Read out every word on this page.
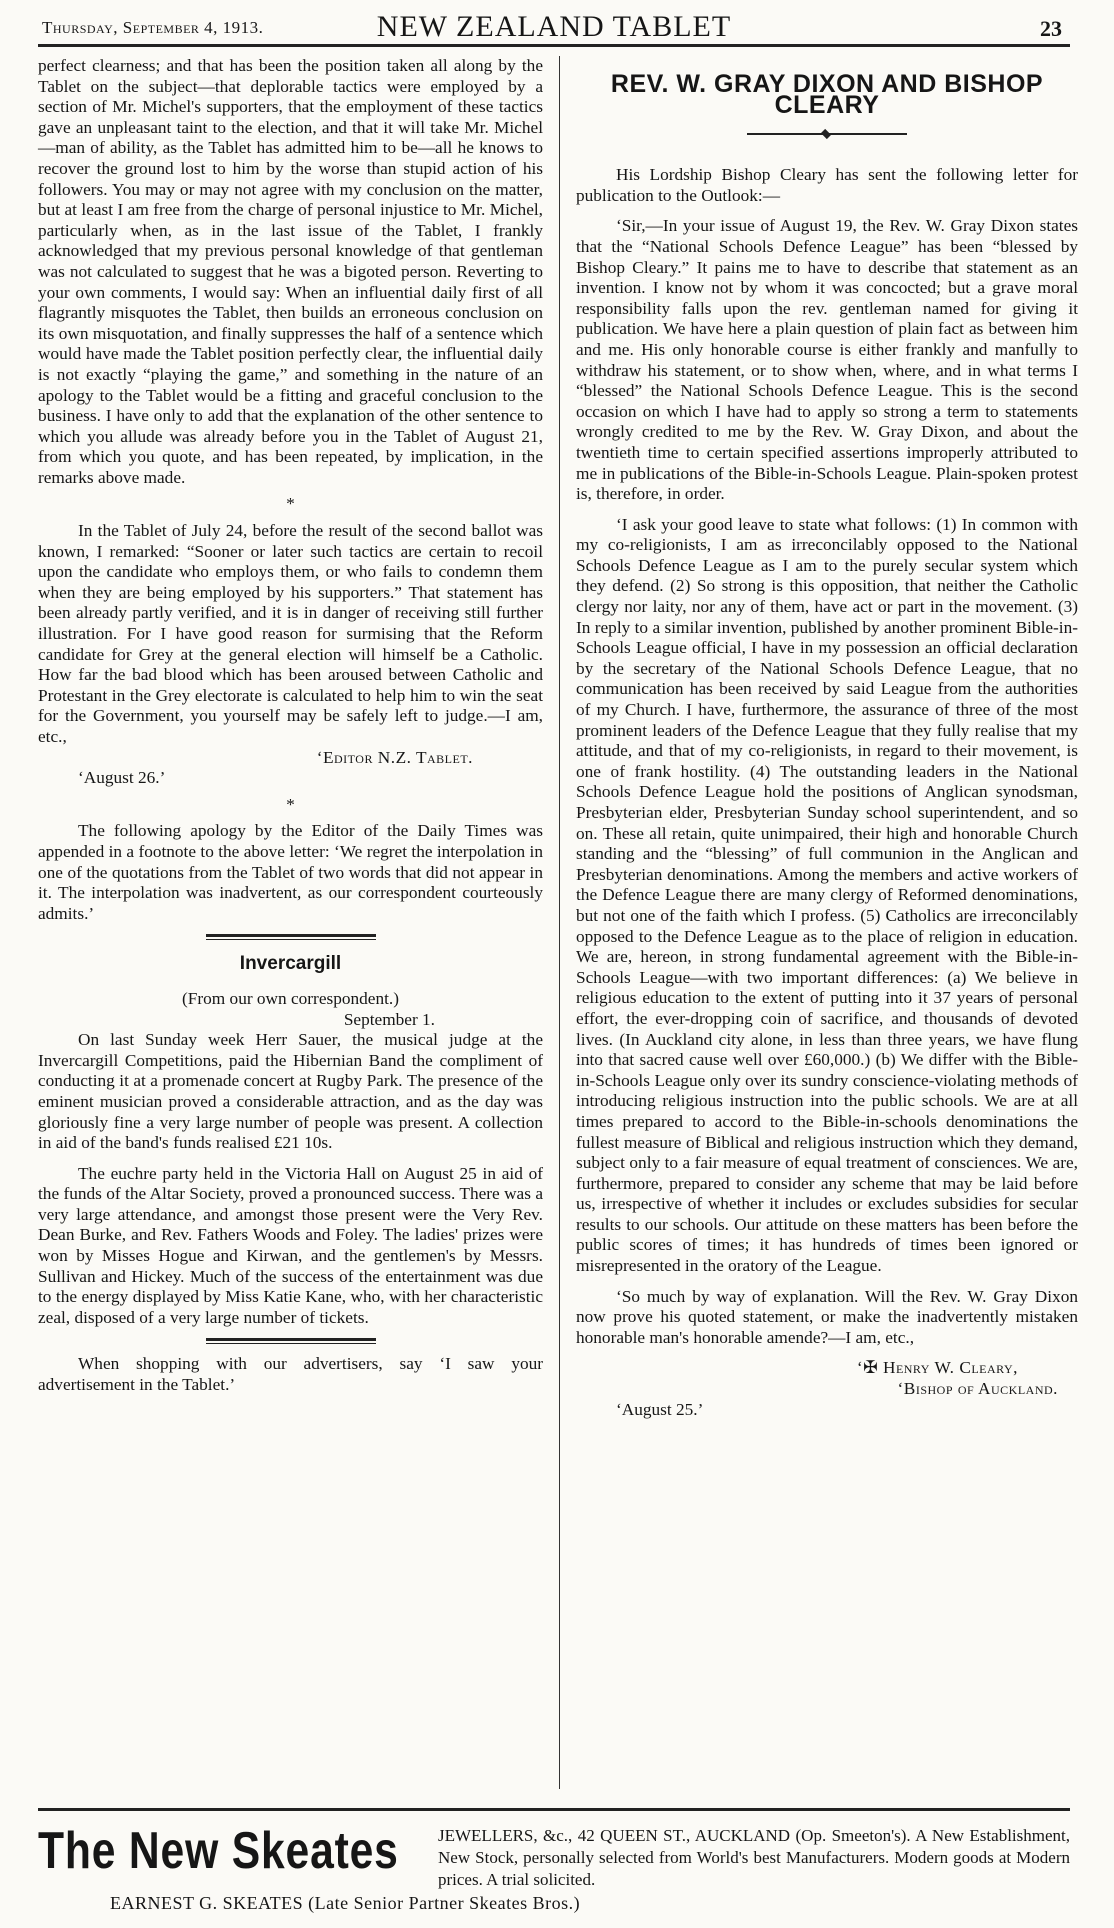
Thursday, September 4, 1913.	NEW ZEALAND TABLET	23

perfect clearness; and that has been the position taken all along by the Tablet on the subject—that deplorable tactics were employed by a section of Mr. Michel's supporters, that the employment of these tactics gave an unpleasant taint to the election, and that it will take Mr. Michel—man of ability, as the Tablet has admitted him to be—all he knows to recover the ground lost to him by the worse than stupid action of his followers. You may or may not agree with my conclusion on the matter, but at least I am free from the charge of personal injustice to Mr. Michel, particularly when, as in the last issue of the Tablet, I frankly acknowledged that my previous personal knowledge of that gentleman was not calculated to suggest that he was a bigoted person. Reverting to your own comments, I would say: When an influential daily first of all flagrantly misquotes the Tablet, then builds an erroneous conclusion on its own misquotation, and finally suppresses the half of a sentence which would have made the Tablet position perfectly clear, the influential daily is not exactly “playing the game,” and something in the nature of an apology to the Tablet would be a fitting and graceful conclusion to the business. I have only to add that the explanation of the other sentence to which you allude was already before you in the Tablet of August 21, from which you quote, and has been repeated, by implication, in the remarks above made.

*

In the Tablet of July 24, before the result of the second ballot was known, I remarked: “Sooner or later such tactics are certain to recoil upon the candidate who employs them, or who fails to condemn them when they are being employed by his supporters.” That statement has been already partly verified, and it is in danger of receiving still further illustration. For I have good reason for surmising that the Reform candidate for Grey at the general election will himself be a Catholic. How far the bad blood which has been aroused between Catholic and Protestant in the Grey electorate is calculated to help him to win the seat for the Government, you yourself may be safely left to judge.—I am, etc.,

‘Editor N.Z. Tablet.
‘August 26.’
*

The following apology by the Editor of the Daily Times was appended in a footnote to the above letter: ‘We regret the interpolation in one of the quotations from the Tablet of two words that did not appear in it. The interpolation was inadvertent, as our correspondent courteously admits.’

Invercargill
(From our own correspondent.)
September 1.

On last Sunday week Herr Sauer, the musical judge at the Invercargill Competitions, paid the Hibernian Band the compliment of conducting it at a promenade concert at Rugby Park. The presence of the eminent musician proved a considerable attraction, and as the day was gloriously fine a very large number of people was present. A collection in aid of the band's funds realised £21 10s.

The euchre party held in the Victoria Hall on August 25 in aid of the funds of the Altar Society, proved a pronounced success. There was a very large attendance, and amongst those present were the Very Rev. Dean Burke, and Rev. Fathers Woods and Foley. The ladies' prizes were won by Misses Hogue and Kirwan, and the gentlemen's by Messrs. Sullivan and Hickey. Much of the success of the entertainment was due to the energy displayed by Miss Katie Kane, who, with her characteristic zeal, disposed of a very large number of tickets.

When shopping with our advertisers, say ‘I saw your advertisement in the Tablet.’

REV. W. GRAY DIXON AND BISHOP CLEARY

His Lordship Bishop Cleary has sent the following letter for publication to the Outlook:—

‘Sir,—In your issue of August 19, the Rev. W. Gray Dixon states that the “National Schools Defence League” has been “blessed by Bishop Cleary.” It pains me to have to describe that statement as an invention. I know not by whom it was concocted; but a grave moral responsibility falls upon the rev. gentleman named for giving it publication. We have here a plain question of plain fact as between him and me. His only honorable course is either frankly and manfully to withdraw his statement, or to show when, where, and in what terms I “blessed” the National Schools Defence League. This is the second occasion on which I have had to apply so strong a term to statements wrongly credited to me by the Rev. W. Gray Dixon, and about the twentieth time to certain specified assertions improperly attributed to me in publications of the Bible-in-Schools League. Plain-spoken protest is, therefore, in order.

‘I ask your good leave to state what follows: (1) In common with my co-religionists, I am as irreconcilably opposed to the National Schools Defence League as I am to the purely secular system which they defend. (2) So strong is this opposition, that neither the Catholic clergy nor laity, nor any of them, have act or part in the movement. (3) In reply to a similar invention, published by another prominent Bible-in-Schools League official, I have in my possession an official declaration by the secretary of the National Schools Defence League, that no communication has been received by said League from the authorities of my Church. I have, furthermore, the assurance of three of the most prominent leaders of the Defence League that they fully realise that my attitude, and that of my co-religionists, in regard to their movement, is one of frank hostility. (4) The outstanding leaders in the National Schools Defence League hold the positions of Anglican synodsman, Presbyterian elder, Presbyterian Sunday school superintendent, and so on. These all retain, quite unimpaired, their high and honorable Church standing and the “blessing” of full communion in the Anglican and Presbyterian denominations. Among the members and active workers of the Defence League there are many clergy of Reformed denominations, but not one of the faith which I profess. (5) Catholics are irreconcilably opposed to the Defence League as to the place of religion in education. We are, hereon, in strong fundamental agreement with the Bible-in-Schools League—with two important differences: (a) We believe in religious education to the extent of putting into it 37 years of personal effort, the ever-dropping coin of sacrifice, and thousands of devoted lives. (In Auckland city alone, in less than three years, we have flung into that sacred cause well over £60,000.) (b) We differ with the Bible-in-Schools League only over its sundry conscience-violating methods of introducing religious instruction into the public schools. We are at all times prepared to accord to the Bible-in-schools denominations the fullest measure of Biblical and religious instruction which they demand, subject only to a fair measure of equal treatment of consciences. We are, furthermore, prepared to consider any scheme that may be laid before us, irrespective of whether it includes or excludes subsidies for secular results to our schools. Our attitude on these matters has been before the public scores of times; it has hundreds of times been ignored or misrepresented in the oratory of the League.

‘So much by way of explanation. Will the Rev. W. Gray Dixon now prove his quoted statement, or make the inadvertently mistaken honorable man's honorable amende?—I am, etc.,

‘✠ Henry W. Cleary,
‘Bishop of Auckland.
‘August 25.’
The New Skeates JEWELLERS, &c., 42 QUEEN ST., AUCKLAND (Op. Smeeton's). A New Establishment, New Stock, personally selected from World's best Manufacturers. Modern goods at Modern prices. A trial solicited.
EARNEST G. SKEATES (Late Senior Partner Skeates Bros.)
